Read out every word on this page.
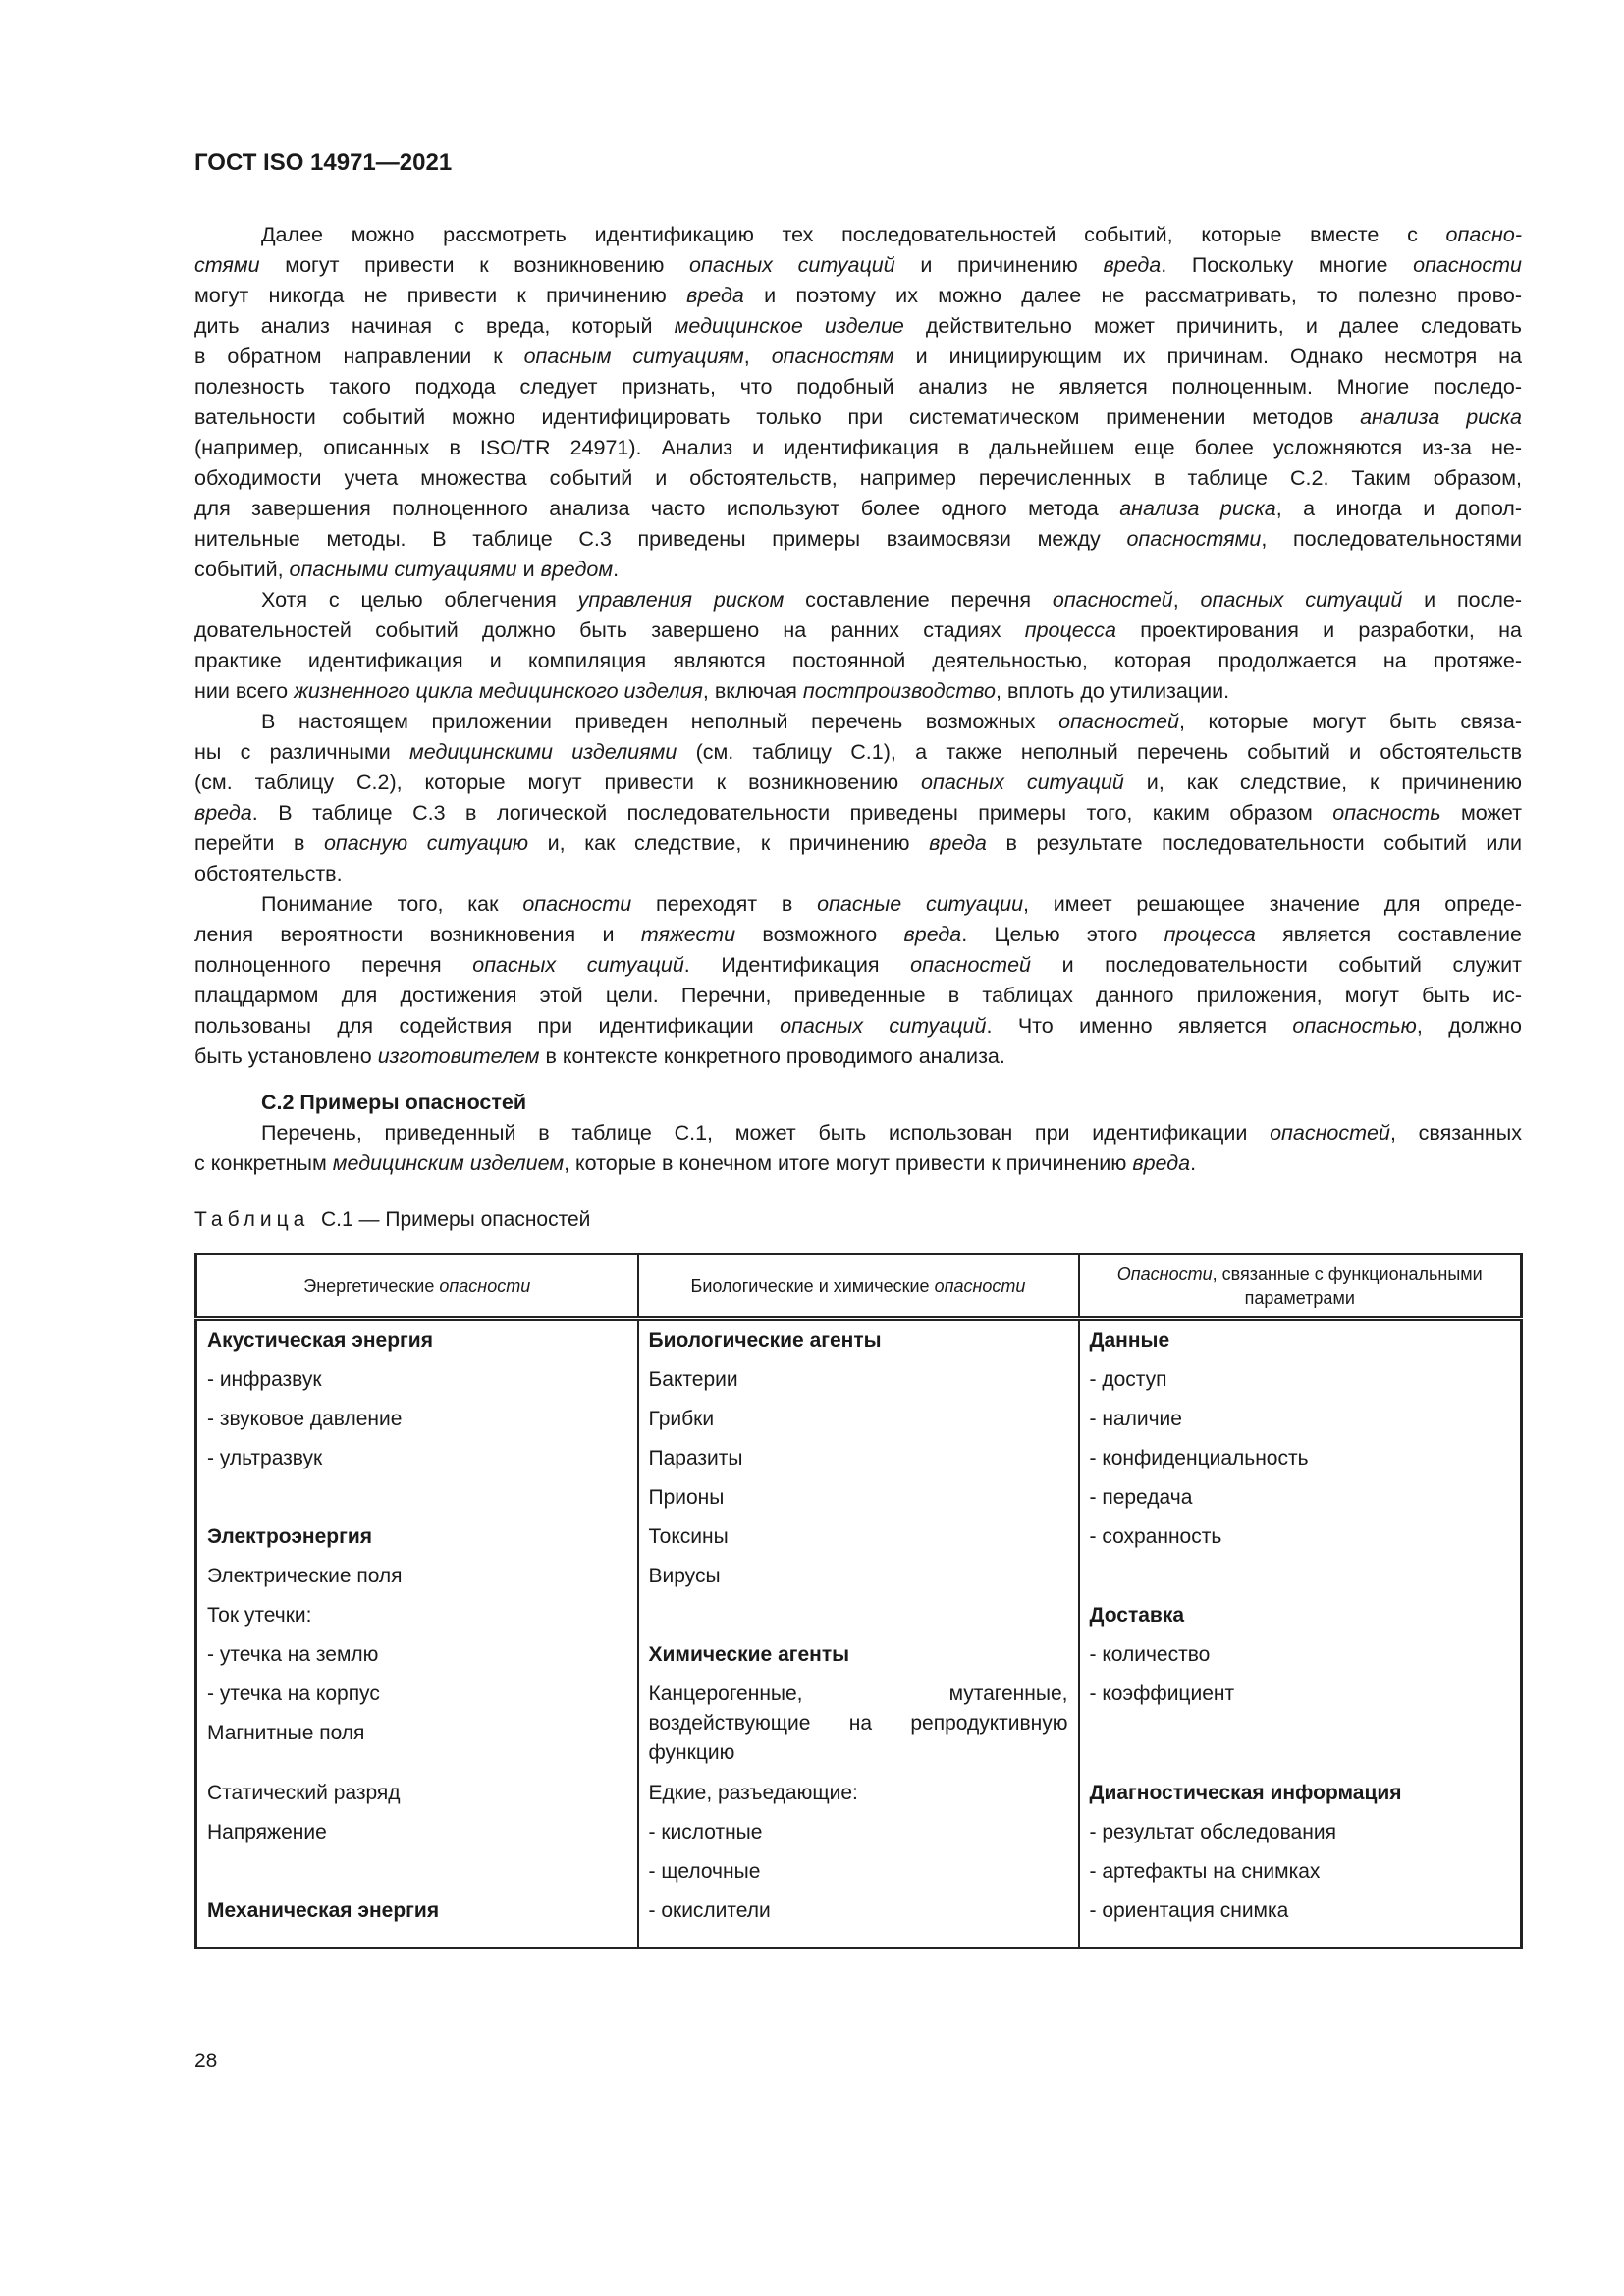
ГОСТ ISO 14971—2021
Далее можно рассмотреть идентификацию тех последовательностей событий, которые вместе с опасно-
стями могут привести к возникновению опасных ситуаций и причинению вреда. Поскольку многие опасности
могут никогда не привести к причинению вреда и поэтому их можно далее не рассматривать, то полезно прово-
дить анализ начиная с вреда, который медицинское изделие действительно может причинить, и далее следовать
в обратном направлении к опасным ситуациям, опасностям и инициирующим их причинам. Однако несмотря на
полезность такого подхода следует признать, что подобный анализ не является полноценным. Многие последо-
вательности событий можно идентифицировать только при систематическом применении методов анализа риска
(например, описанных в ISO/TR 24971). Анализ и идентификация в дальнейшем еще более усложняются из-за не-
обходимости учета множества событий и обстоятельств, например перечисленных в таблице С.2. Таким образом,
для завершения полноценного анализа часто используют более одного метода анализа риска, а иногда и допол-
нительные методы. В таблице С.3 приведены примеры взаимосвязи между опасностями, последовательностями
событий, опасными ситуациями и вредом.
Хотя с целью облегчения управления риском составление перечня опасностей, опасных ситуаций и после-
довательностей событий должно быть завершено на ранних стадиях процесса проектирования и разработки, на
практике идентификация и компиляция являются постоянной деятельностью, которая продолжается на протяже-
нии всего жизненного цикла медицинского изделия, включая постпроизводство, вплоть до утилизации.
В настоящем приложении приведен неполный перечень возможных опасностей, которые могут быть связа-
ны с различными медицинскими изделиями (см. таблицу С.1), а также неполный перечень событий и обстоятельств
(см. таблицу С.2), которые могут привести к возникновению опасных ситуаций и, как следствие, к причинению
вреда. В таблице С.3 в логической последовательности приведены примеры того, каким образом опасность может
перейти в опасную ситуацию и, как следствие, к причинению вреда в результате последовательности событий или
обстоятельств.
Понимание того, как опасности переходят в опасные ситуации, имеет решающее значение для опреде-
ления вероятности возникновения и тяжести возможного вреда. Целью этого процесса является составление
полноценного перечня опасных ситуаций. Идентификация опасностей и последовательности событий служит
плацдармом для достижения этой цели. Перечни, приведенные в таблицах данного приложения, могут быть ис-
пользованы для содействия при идентификации опасных ситуаций. Что именно является опасностью, должно
быть установлено изготовителем в контексте конкретного проводимого анализа.
С.2 Примеры опасностей
Перечень, приведенный в таблице С.1, может быть использован при идентификации опасностей, связанных
с конкретным медицинским изделием, которые в конечном итоге могут привести к причинению вреда.
Таблица С.1 — Примеры опасностей
Энергетические опасности	Биологические и химические опасности	Опасности, связанные с функциональными параметрами
Акустическая энергия	Биологические агенты	Данные
- инфразвук	Бактерии	- доступ
- звуковое давление	Грибки	- наличие
- ультразвук	Паразиты	- конфиденциальность
	Прионы	- передача
Электроэнергия	Токсины	- сохранность
Электрические поля	Вирусы	
Ток утечки:		Доставка
- утечка на землю	Химические агенты	- количество
- утечка на корпус	Канцерогенные, мутагенные, воздействующие на репродуктивную функцию	- коэффициент
Магнитные поля		
Статический разряд	Едкие, разъедающие:	Диагностическая информация
Напряжение	- кислотные	- результат обследования
	- щелочные	- артефакты на снимках
Механическая энергия	- окислители	- ориентация снимка
28
